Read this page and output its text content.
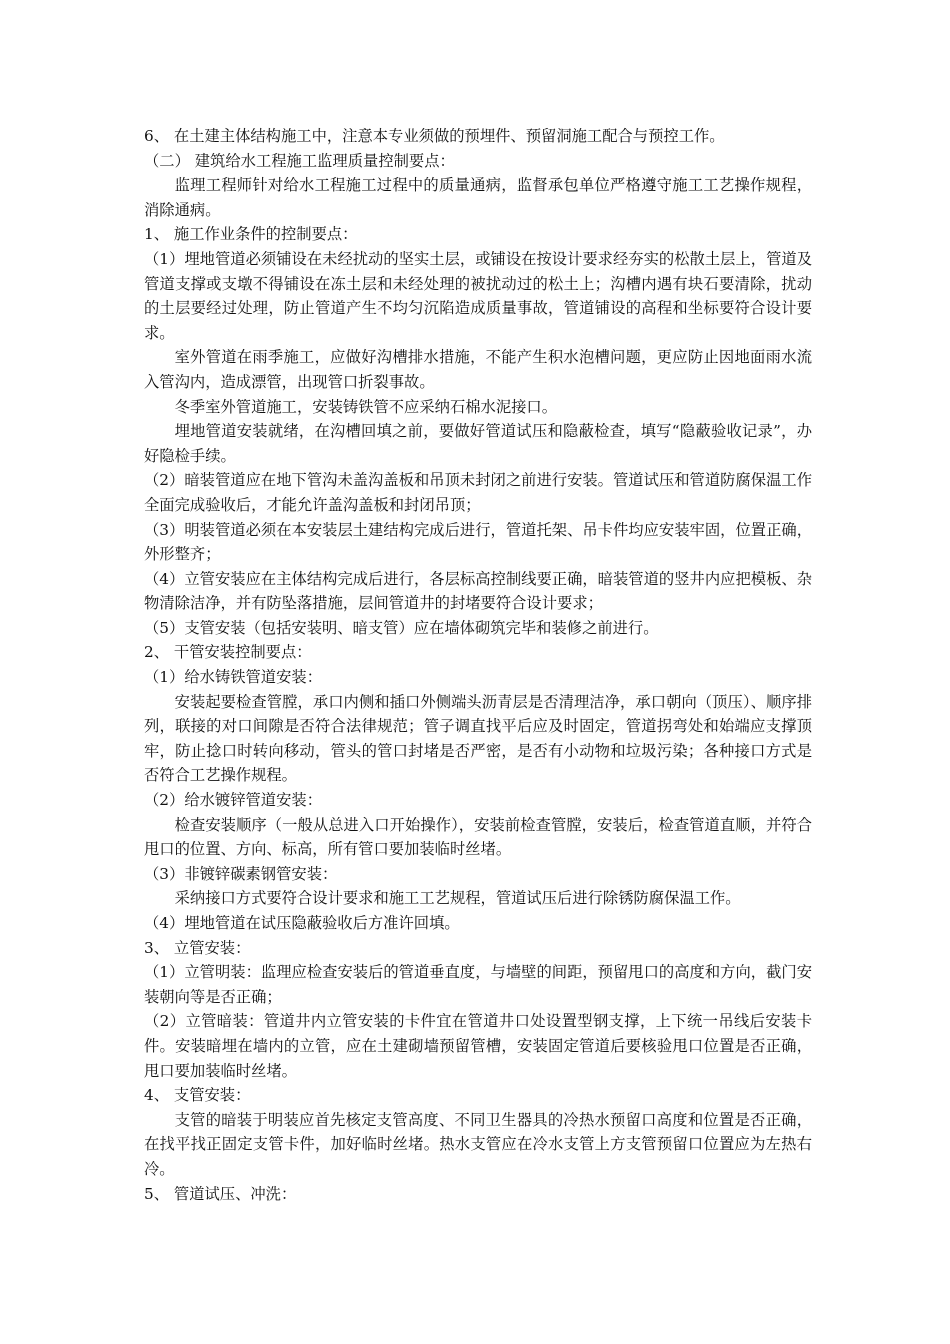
6、 在土建主体结构施工中，注意本专业须做的预埋件、预留洞施工配合与预控工作。

（二） 建筑给水工程施工监理质量控制要点：

监理工程师针对给水工程施工过程中的质量通病，监督承包单位严格遵守施工工艺操作规程，消除通病。

1、 施工作业条件的控制要点：

（1）埋地管道必须铺设在未经扰动的坚实土层，或铺设在按设计要求经夯实的松散土层上，管道及管道支撑或支墩不得铺设在冻土层和未经处理的被扰动过的松土上；沟槽内遇有块石要清除，扰动的土层要经过处理，防止管道产生不均匀沉陷造成质量事故，管道铺设的高程和坐标要符合设计要求。

室外管道在雨季施工，应做好沟槽排水措施，不能产生积水泡槽问题，更应防止因地面雨水流入管沟内，造成漂管，出现管口折裂事故。

冬季室外管道施工，安装铸铁管不应采纳石棉水泥接口。

埋地管道安装就绪，在沟槽回填之前，要做好管道试压和隐蔽检查，填写“隐蔽验收记录”，办好隐检手续。

（2）暗装管道应在地下管沟未盖沟盖板和吊顶未封闭之前进行安装。管道试压和管道防腐保温工作全面完成验收后，才能允许盖沟盖板和封闭吊顶；

（3）明装管道必须在本安装层土建结构完成后进行，管道托架、吊卡件均应安装牢固，位置正确，外形整齐；

（4）立管安装应在主体结构完成后进行，各层标高控制线要正确，暗装管道的竖井内应把模板、杂物清除洁净，并有防坠落措施，层间管道井的封堵要符合设计要求；

（5）支管安装（包括安装明、暗支管）应在墙体砌筑完毕和装修之前进行。

2、 干管安装控制要点：

（1）给水铸铁管道安装：

安装起要检查管膛，承口内侧和插口外侧端头沥青层是否清理洁净，承口朝向（顶压）、顺序排列，联接的对口间隙是否符合法律规范；管子调直找平后应及时固定，管道拐弯处和始端应支撑顶牢，防止捻口时转向移动，管头的管口封堵是否严密，是否有小动物和垃圾污染；各种接口方式是否符合工艺操作规程。

（2）给水镀锌管道安装：

检查安装顺序（一般从总进入口开始操作），安装前检查管膛，安装后，检查管道直顺，并符合甩口的位置、方向、标高，所有管口要加装临时丝堵。

（3）非镀锌碳素钢管安装：

采纳接口方式要符合设计要求和施工工艺规程，管道试压后进行除锈防腐保温工作。

（4）埋地管道在试压隐蔽验收后方准许回填。

3、 立管安装：

（1）立管明装：监理应检查安装后的管道垂直度，与墙壁的间距，预留甩口的高度和方向，截门安装朝向等是否正确；

（2）立管暗装：管道井内立管安装的卡件宜在管道井口处设置型钢支撑，上下统一吊线后安装卡件。安装暗埋在墙内的立管，应在土建砌墙预留管槽，安装固定管道后要核验甩口位置是否正确，甩口要加装临时丝堵。

4、 支管安装：

支管的暗装于明装应首先核定支管高度、不同卫生器具的冷热水预留口高度和位置是否正确，在找平找正固定支管卡件，加好临时丝堵。热水支管应在冷水支管上方支管预留口位置应为左热右冷。

5、 管道试压、冲洗：
